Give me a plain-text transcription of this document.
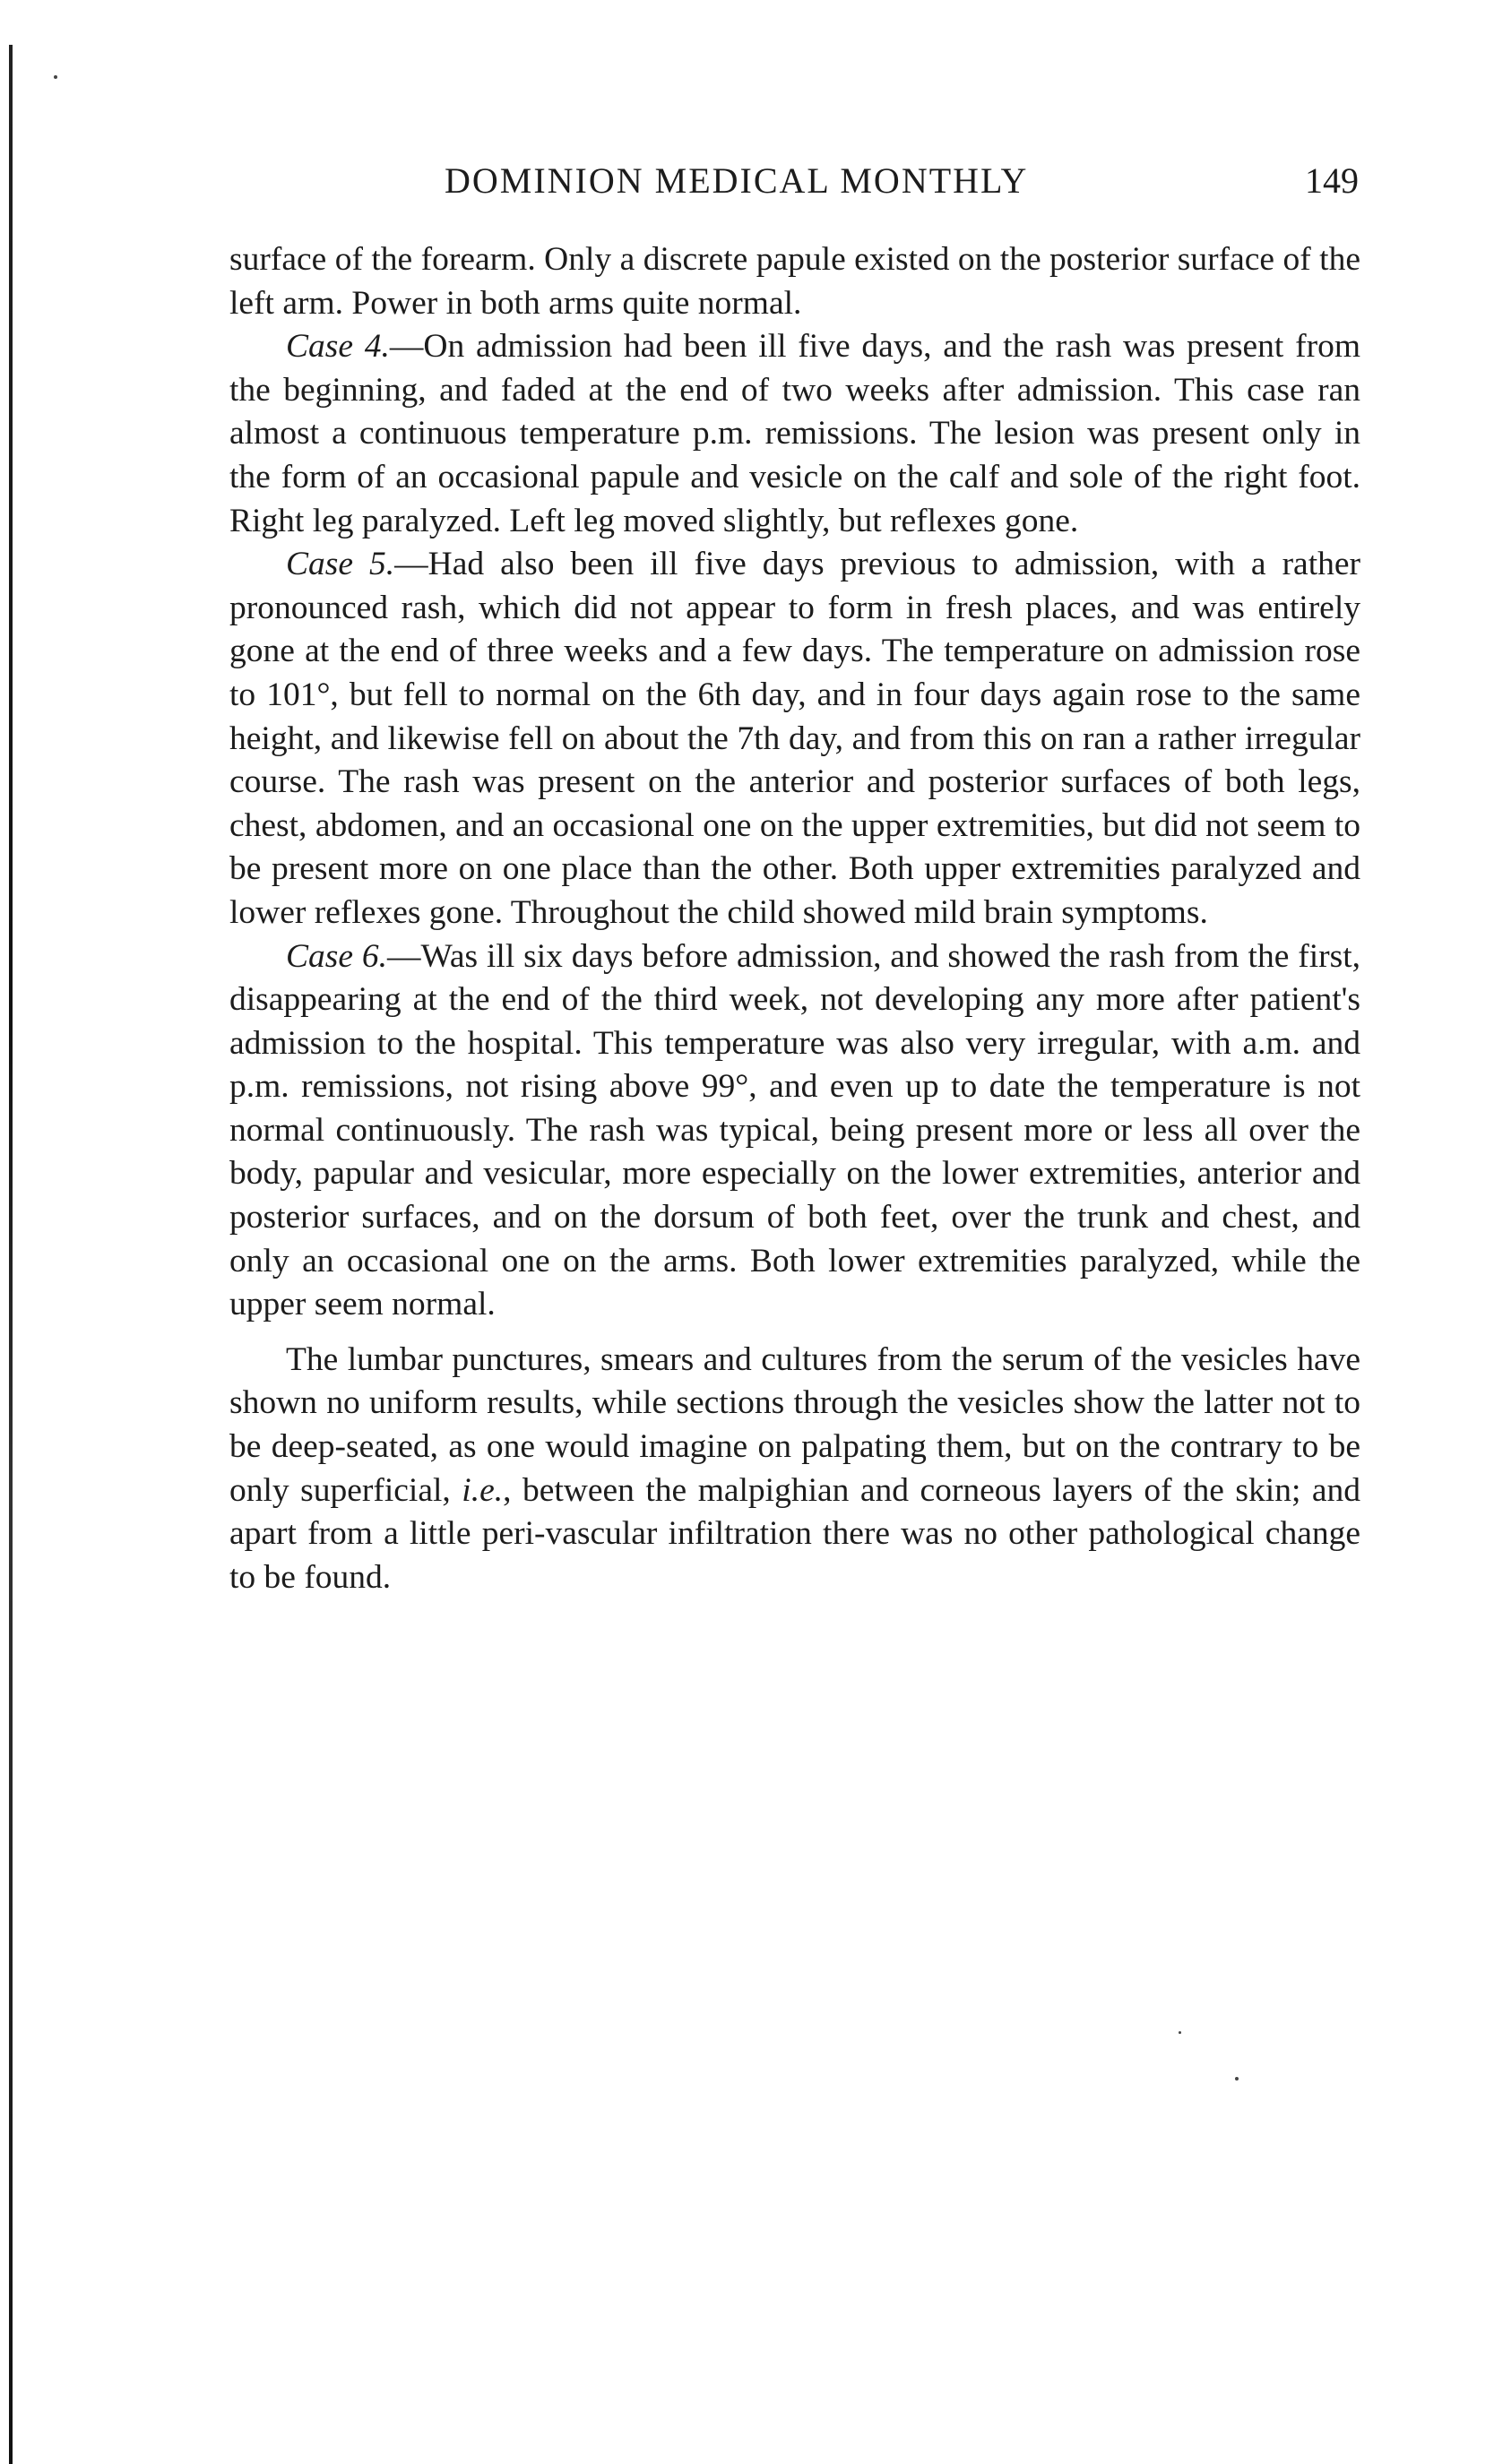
DOMINION MEDICAL MONTHLY	149

surface of the forearm. Only a discrete papule existed on the posterior surface of the left arm. Power in both arms quite normal.

Case 4.—On admission had been ill five days, and the rash was present from the beginning, and faded at the end of two weeks after admission. This case ran almost a continuous temperature p.m. remissions. The lesion was present only in the form of an occasional papule and vesicle on the calf and sole of the right foot. Right leg paralyzed. Left leg moved slightly, but reflexes gone.

Case 5.—Had also been ill five days previous to admission, with a rather pronounced rash, which did not appear to form in fresh places, and was entirely gone at the end of three weeks and a few days. The temperature on admission rose to 101°, but fell to normal on the 6th day, and in four days again rose to the same height, and likewise fell on about the 7th day, and from this on ran a rather irregular course. The rash was present on the anterior and posterior surfaces of both legs, chest, abdomen, and an occasional one on the upper extremities, but did not seem to be present more on one place than the other. Both upper extremities paralyzed and lower reflexes gone. Throughout the child showed mild brain symptoms.

Case 6.—Was ill six days before admission, and showed the rash from the first, disappearing at the end of the third week, not developing any more after patient's admission to the hospital. This temperature was also very irregular, with a.m. and p.m. remissions, not rising above 99°, and even up to date the temperature is not normal continuously. The rash was typical, being present more or less all over the body, papular and vesicular, more especially on the lower extremities, anterior and posterior surfaces, and on the dorsum of both feet, over the trunk and chest, and only an occasional one on the arms. Both lower extremities paralyzed, while the upper seem normal.

The lumbar punctures, smears and cultures from the serum of the vesicles have shown no uniform results, while sections through the vesicles show the latter not to be deep-seated, as one would imagine on palpating them, but on the contrary to be only superficial, i.e., between the malpighian and corneous layers of the skin; and apart from a little peri-vascular infiltration there was no other pathological change to be found.
